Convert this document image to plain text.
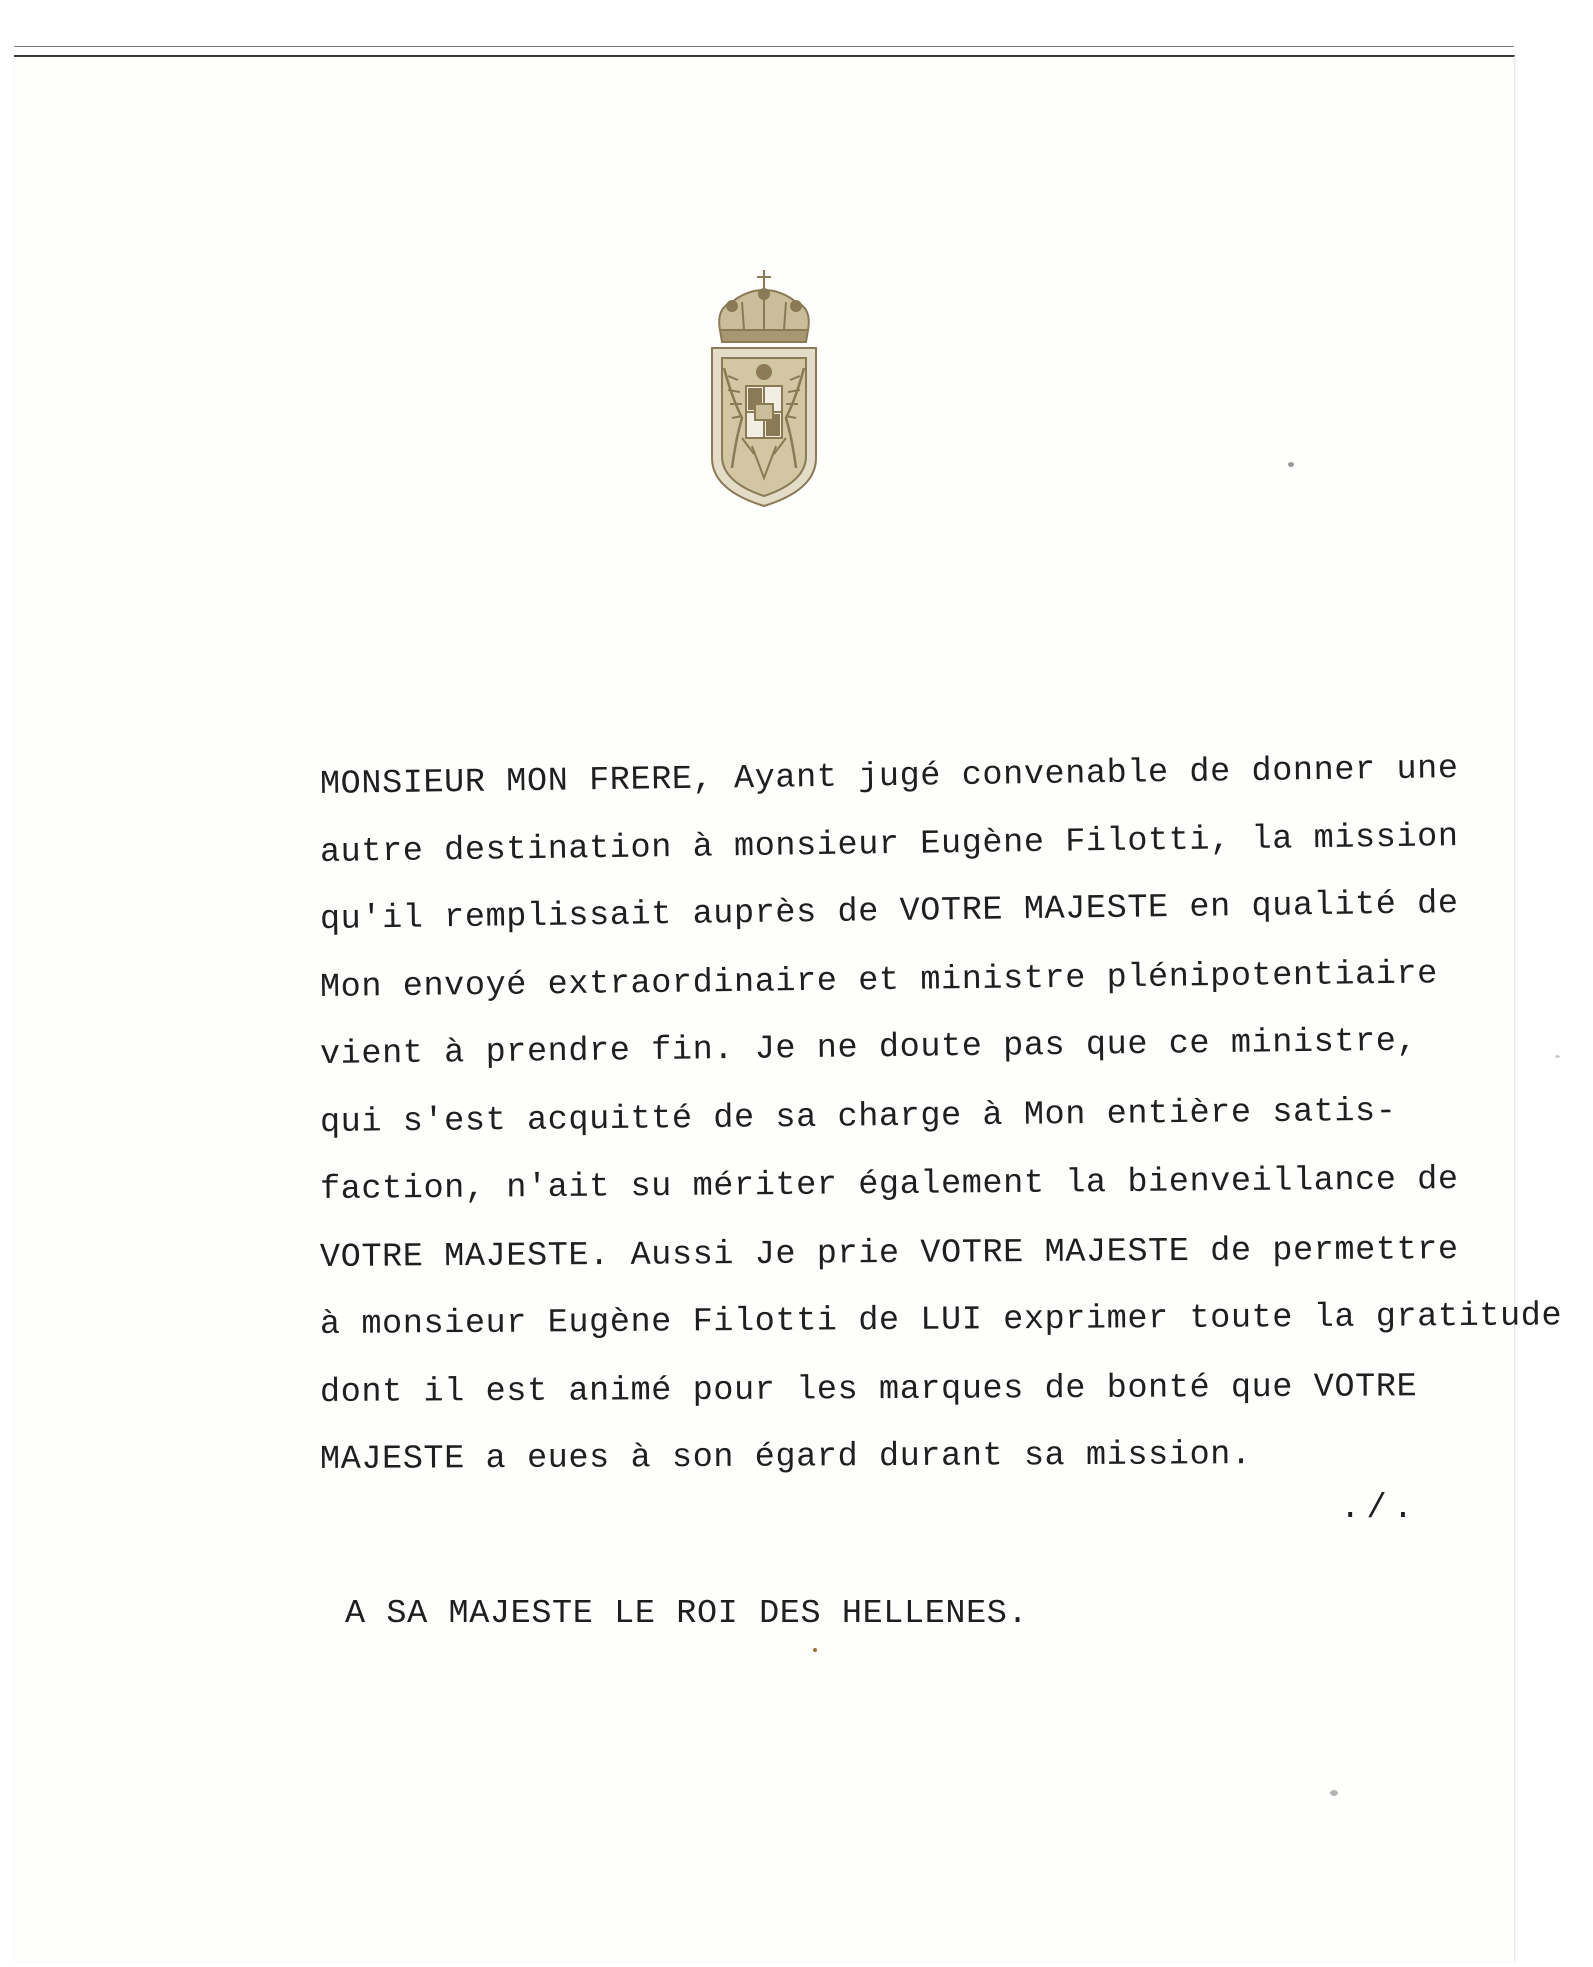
MONSIEUR MON FRERE, Ayant jugé convenable de donner une
autre destination à monsieur Eugène Filotti, la mission
qu'il remplissait auprès de VOTRE MAJESTE en qualité de
Mon envoyé extraordinaire et ministre plénipotentiaire
vient à prendre fin. Je ne doute pas que ce ministre,
qui s'est acquitté de sa charge à Mon entière satis-
faction, n'ait su mériter également la bienveillance de
VOTRE MAJESTE. Aussi Je prie VOTRE MAJESTE de permettre
à monsieur Eugène Filotti de LUI exprimer toute la gratitude
dont il est animé pour les marques de bonté que VOTRE
MAJESTE a eues à son égard durant sa mission.
./.
A SA MAJESTE LE ROI DES HELLENES.
